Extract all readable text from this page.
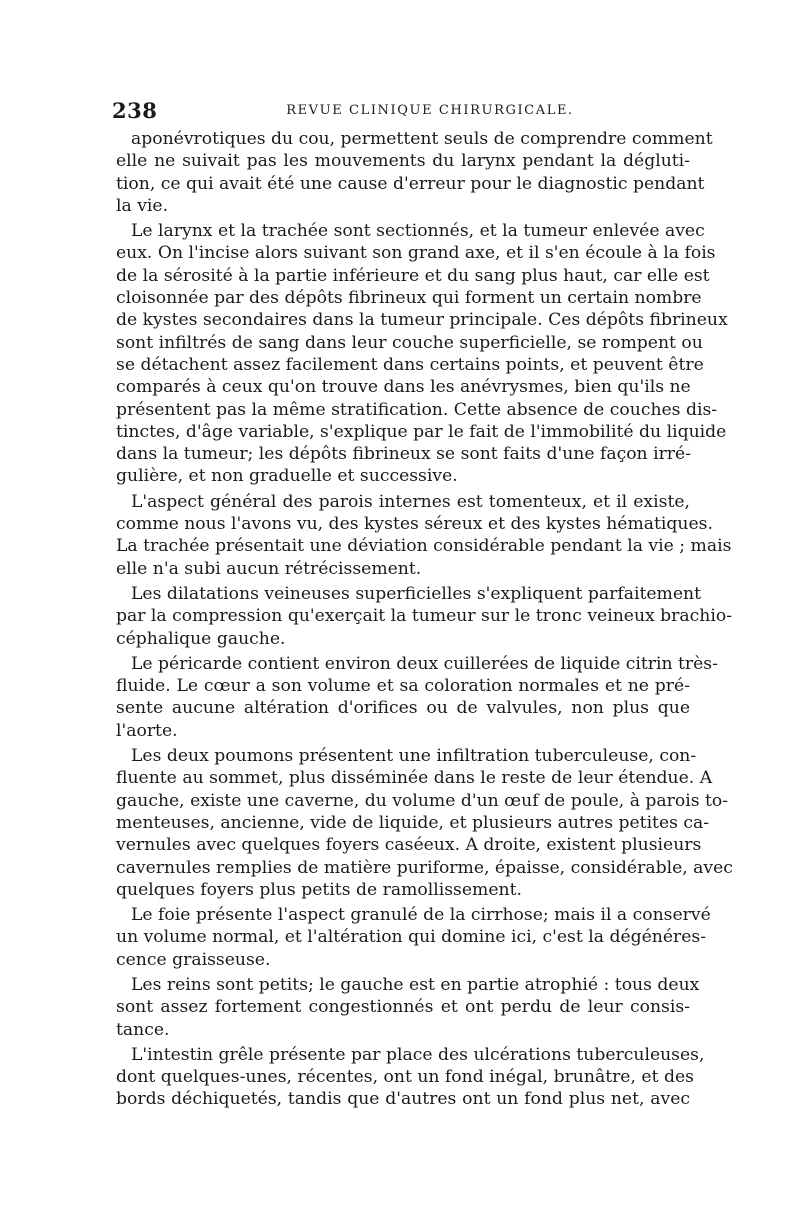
238	REVUE CLINIQUE CHIRURGICALE.

aponévrotiques du cou, permettent seuls de comprendre comment
elle ne suivait pas les mouvements du larynx pendant la dégluti-
tion, ce qui avait été une cause d'erreur pour le diagnostic pendant
la vie.

Le larynx et la trachée sont sectionnés, et la tumeur enlevée avec
eux. On l'incise alors suivant son grand axe, et il s'en écoule à la fois
de la sérosité à la partie inférieure et du sang plus haut, car elle est
cloisonnée par des dépôts fibrineux qui forment un certain nombre
de kystes secondaires dans la tumeur principale. Ces dépôts fibrineux
sont infiltrés de sang dans leur couche superficielle, se rompent ou
se détachent assez facilement dans certains points, et peuvent être
comparés à ceux qu'on trouve dans les anévrysmes, bien qu'ils ne
présentent pas la même stratification. Cette absence de couches dis-
tinctes, d'âge variable, s'explique par le fait de l'immobilité du liquide
dans la tumeur; les dépôts fibrineux se sont faits d'une façon irré-
gulière, et non graduelle et successive.

L'aspect général des parois internes est tomenteux, et il existe,
comme nous l'avons vu, des kystes séreux et des kystes hématiques.
La trachée présentait une déviation considérable pendant la vie ; mais
elle n'a subi aucun rétrécissement.

Les dilatations veineuses superficielles s'expliquent parfaitement
par la compression qu'exerçait la tumeur sur le tronc veineux brachio-
céphalique gauche.

Le péricarde contient environ deux cuillerées de liquide citrin très-
fluide. Le cœur a son volume et sa coloration normales et ne pré-
sente aucune altération d'orifices ou de valvules, non plus que
l'aorte.

Les deux poumons présentent une infiltration tuberculeuse, con-
fluente au sommet, plus disséminée dans le reste de leur étendue. A
gauche, existe une caverne, du volume d'un œuf de poule, à parois to-
menteuses, ancienne, vide de liquide, et plusieurs autres petites ca-
vernules avec quelques foyers caséeux. A droite, existent plusieurs
cavernules remplies de matière puriforme, épaisse, considérable, avec
quelques foyers plus petits de ramollissement.

Le foie présente l'aspect granulé de la cirrhose; mais il a conservé
un volume normal, et l'altération qui domine ici, c'est la dégénéres-
cence graisseuse.

Les reins sont petits; le gauche est en partie atrophié : tous deux
sont assez fortement congestionnés et ont perdu de leur consis-
tance.

L'intestin grêle présente par place des ulcérations tuberculeuses,
dont quelques-unes, récentes, ont un fond inégal, brunâtre, et des
bords déchiquetés, tandis que d'autres ont un fond plus net, avec
